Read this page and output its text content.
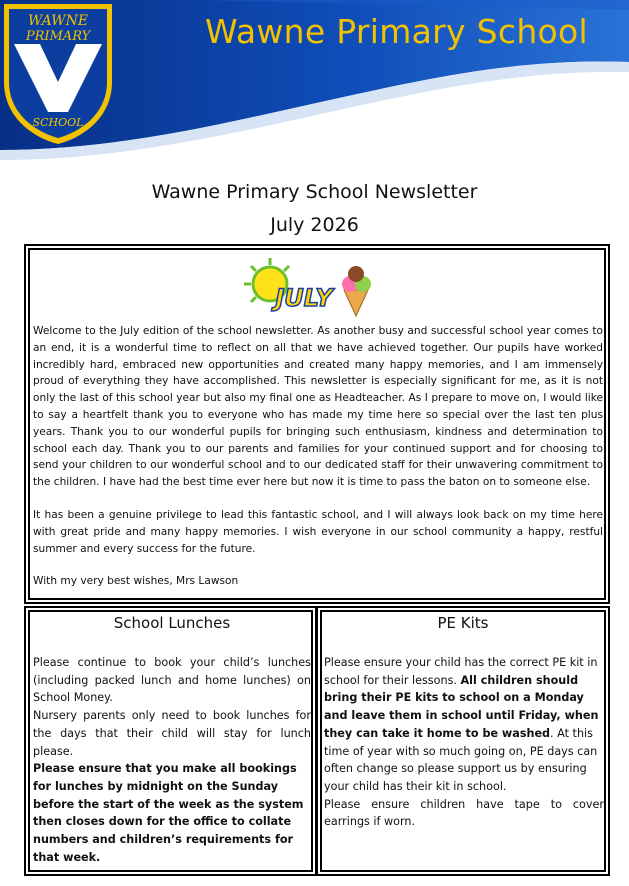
WAWNE
PRIMARY
SCHOOL
Wawne Primary School
Wawne Primary School Newsletter
July 2026
JULY

Welcome to the July edition of the school newsletter. As another busy and successful school year comes to an end, it is a wonderful time to reflect on all that we have achieved together. Our pupils have worked incredibly hard, embraced new opportunities and created many happy memories, and I am immensely proud of everything they have accomplished. This newsletter is especially significant for me, as it is not only the last of this school year but also my final one as Headteacher. As I prepare to move on, I would like to say a heartfelt thank you to everyone who has made my time here so special over the last ten plus years. Thank you to our wonderful pupils for bringing such enthusiasm, kindness and determination to school each day. Thank you to our parents and families for your continued support and for choosing to send your children to our wonderful school and to our dedicated staff for their unwavering commitment to the children. I have had the best time ever here but now it is time to pass the baton on to someone else.

It has been a genuine privilege to lead this fantastic school, and I will always look back on my time here with great pride and many happy memories. I wish everyone in our school community a happy, restful summer and every success for the future.

With my very best wishes, Mrs Lawson

School Lunches

Please continue to book your child’s lunches (including packed lunch and home lunches) on School Money.

Nursery parents only need to book lunches for the days that their child will stay for lunch please.

Please ensure that you make all bookings for lunches by midnight on the Sunday before the start of the week as the system then closes down for the office to collate numbers and children’s requirements for that week.

PE Kits

Please ensure your child has the correct PE kit in school for their lessons. All children should bring their PE kits to school on a Monday and leave them in school until Friday, when they can take it home to be washed. At this time of year with so much going on, PE days can often change so please support us by ensuring your child has their kit in school.

Please ensure children have tape to cover earrings if worn.
